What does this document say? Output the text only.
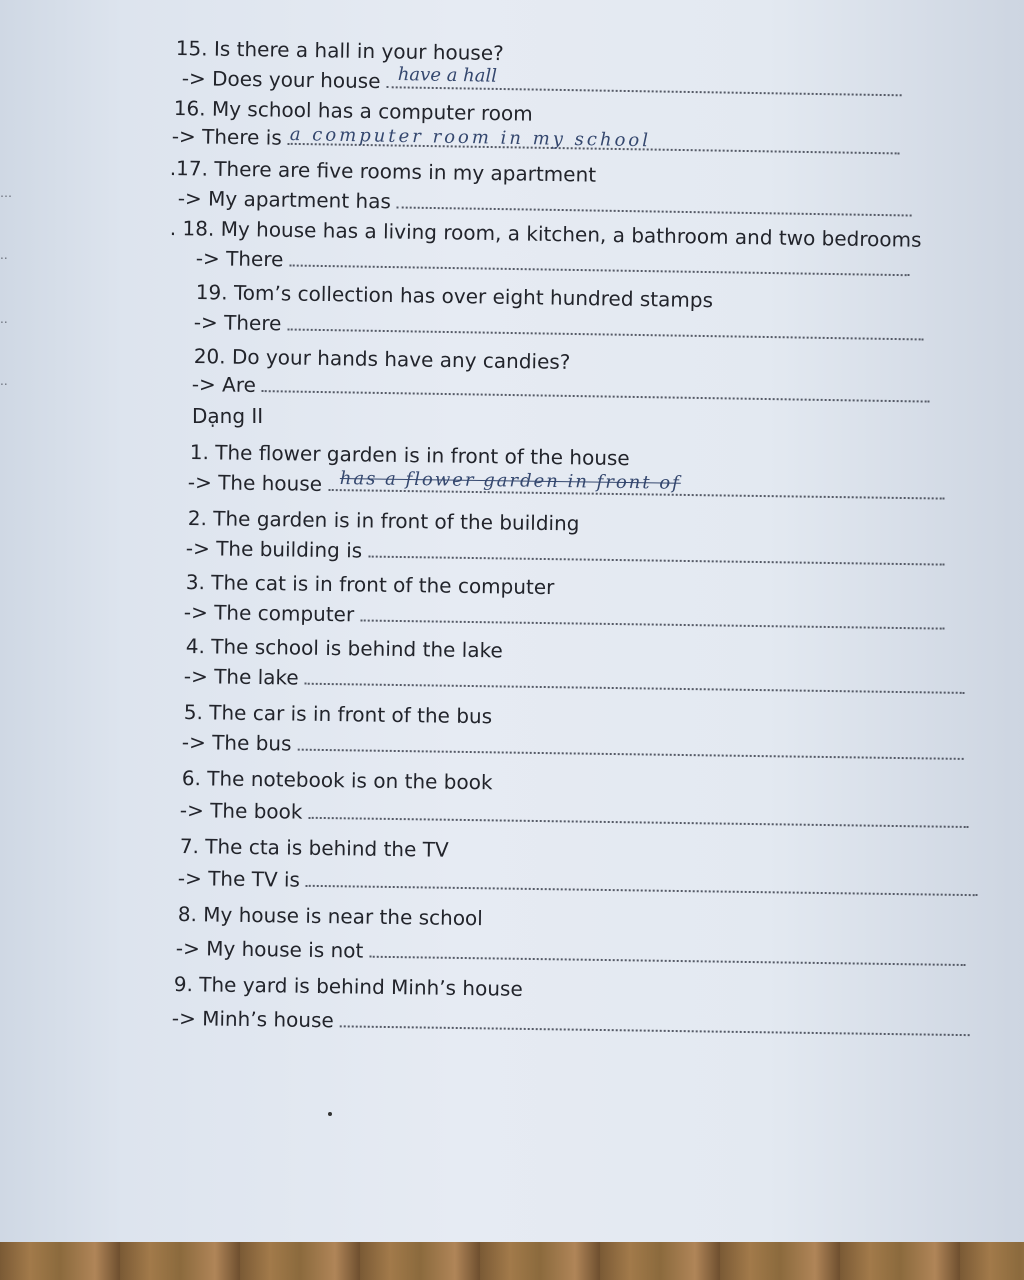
…
..
..
..
15. Is there a hall in your house?
-> Does your house have a hall
16. My school has a computer room
-> There is a computer room in my school
.17. There are five rooms in my apartment
-> My apartment has
. 18. My house has a living room, a kitchen, a bathroom and two bedrooms
-> There
19. Tom’s collection has over eight hundred stamps
-> There
20. Do your hands have any candies?
-> Are
Dạng II
1. The flower garden is in front of the house
-> The house has a flower garden in front of
2. The garden is in front of the building
-> The building is
3. The cat is in front of the computer
-> The computer
4. The school is behind the lake
-> The lake
5. The car is in front of the bus
-> The bus
6. The notebook is on the book
-> The book
7. The cta is behind the TV
-> The TV is
8. My house is near the school
-> My house is not
9. The yard is behind Minh’s house
-> Minh’s house
